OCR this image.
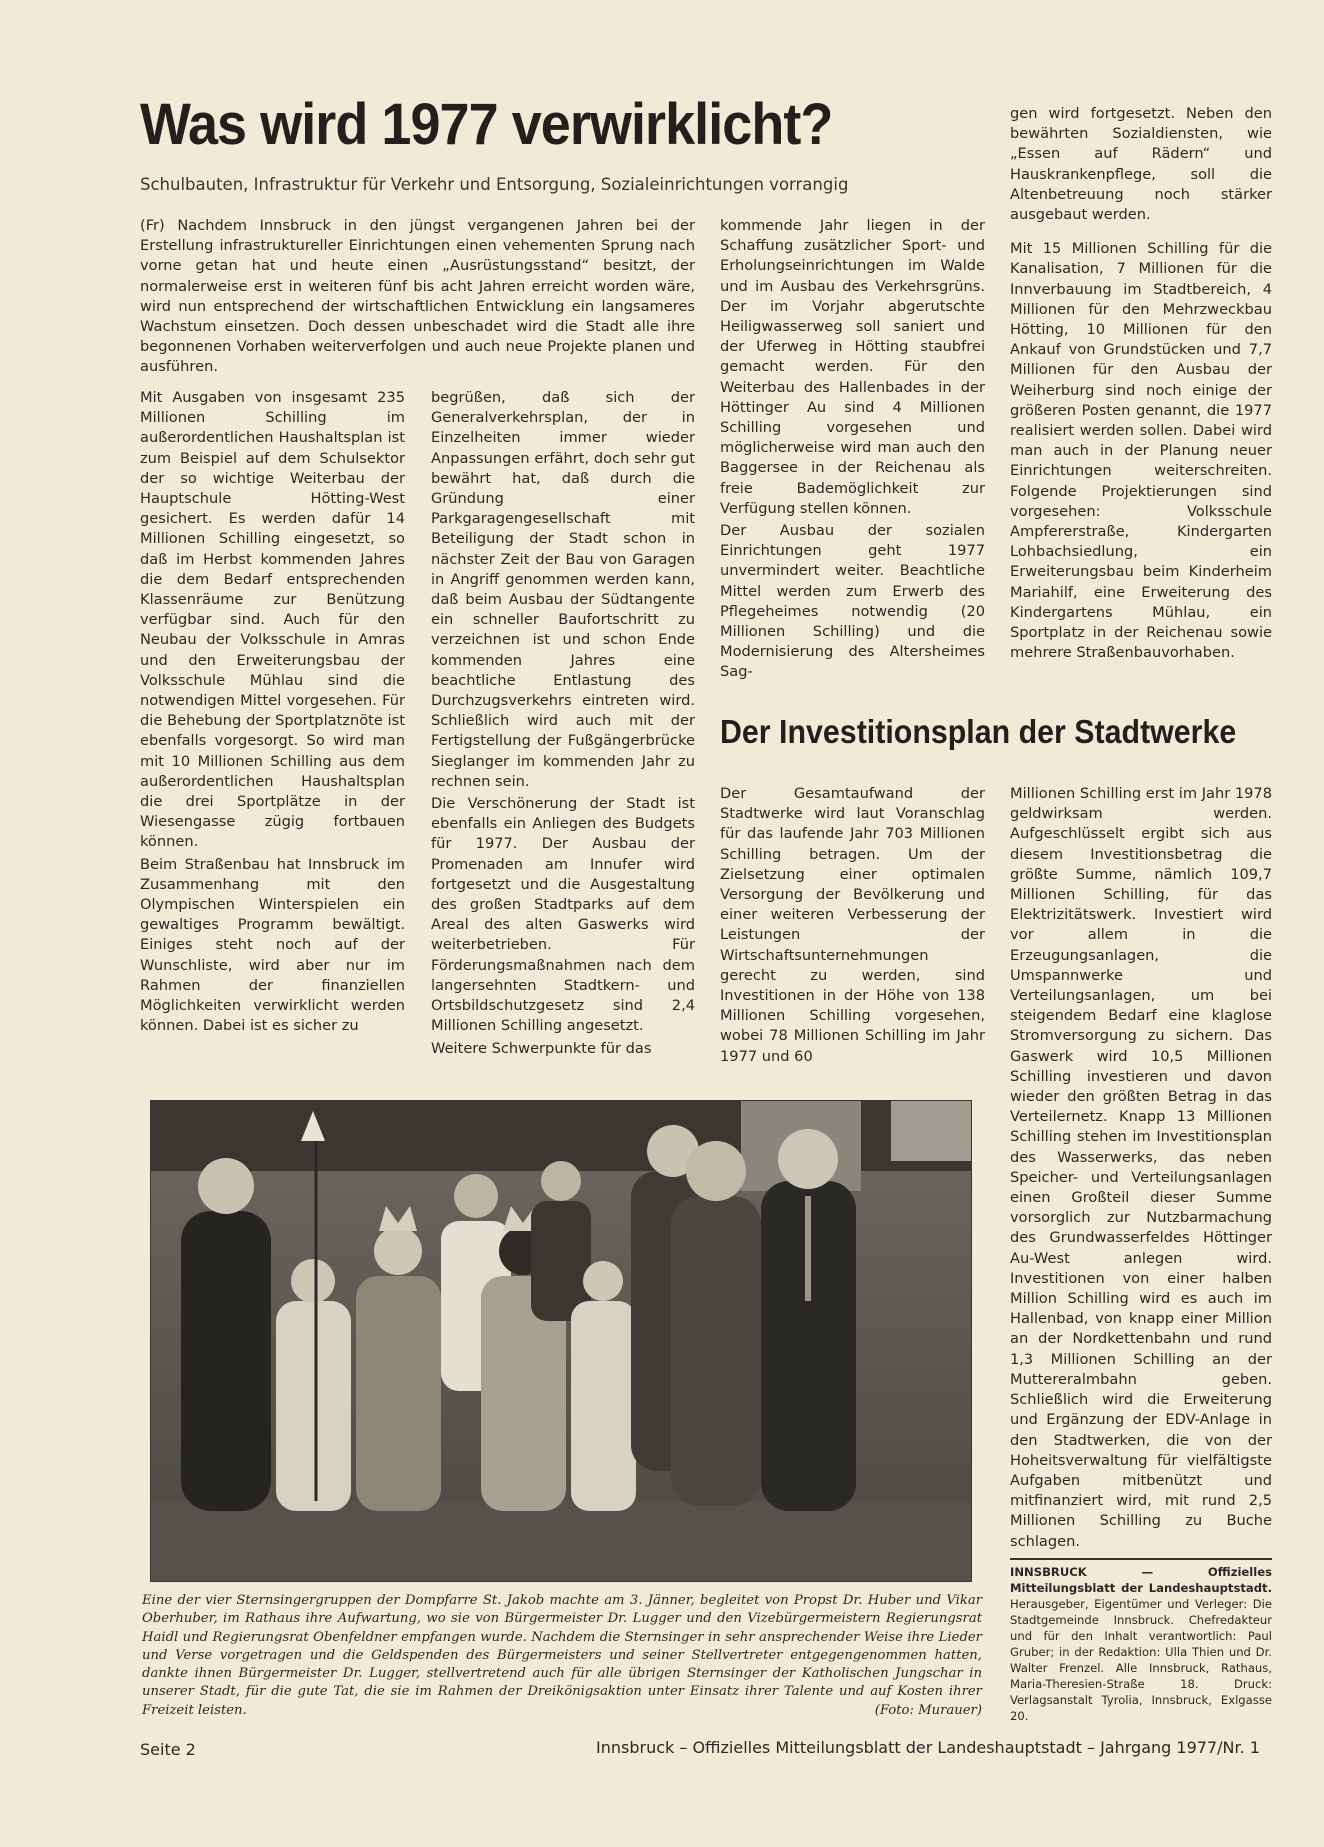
Was wird 1977 verwirklicht?
Schulbauten, Infrastruktur für Verkehr und Entsorgung, Sozialeinrichtungen vorrangig

(Fr) Nachdem Innsbruck in den jüngst vergangenen Jahren bei der Erstellung infrastruktureller Einrichtungen einen vehementen Sprung nach vorne getan hat und heute einen „Ausrüstungsstand“ besitzt, der normalerweise erst in weiteren fünf bis acht Jahren erreicht worden wäre, wird nun entsprechend der wirtschaftlichen Entwicklung ein langsameres Wachstum einsetzen. Doch dessen unbeschadet wird die Stadt alle ihre begonnenen Vorhaben weiterverfolgen und auch neue Projekte planen und ausführen.

Mit Ausgaben von insgesamt 235 Millionen Schilling im außerordentlichen Haushaltsplan ist zum Beispiel auf dem Schulsektor der so wichtige Weiterbau der Hauptschule Hötting-West gesichert. Es werden dafür 14 Millionen Schilling eingesetzt, so daß im Herbst kommenden Jahres die dem Bedarf entsprechenden Klassenräume zur Benützung verfügbar sind. Auch für den Neubau der Volksschule in Amras und den Erweiterungsbau der Volksschule Mühlau sind die notwendigen Mittel vorgesehen. Für die Behebung der Sportplatznöte ist ebenfalls vorgesorgt. So wird man mit 10 Millionen Schilling aus dem außerordentlichen Haushaltsplan die drei Sportplätze in der Wiesengasse zügig fortbauen können.

Beim Straßenbau hat Innsbruck im Zusammenhang mit den Olympischen Winterspielen ein gewaltiges Programm bewältigt. Einiges steht noch auf der Wunschliste, wird aber nur im Rahmen der finanziellen Möglichkeiten verwirklicht werden können. Dabei ist es sicher zu

begrüßen, daß sich der Generalverkehrsplan, der in Einzelheiten immer wieder Anpassungen erfährt, doch sehr gut bewährt hat, daß durch die Gründung einer Parkgaragengesellschaft mit Beteiligung der Stadt schon in nächster Zeit der Bau von Garagen in Angriff genommen werden kann, daß beim Ausbau der Südtangente ein schneller Baufortschritt zu verzeichnen ist und schon Ende kommenden Jahres eine beachtliche Entlastung des Durchzugsverkehrs eintreten wird. Schließlich wird auch mit der Fertigstellung der Fußgängerbrücke Sieglanger im kommenden Jahr zu rechnen sein.

Die Verschönerung der Stadt ist ebenfalls ein Anliegen des Budgets für 1977. Der Ausbau der Promenaden am Innufer wird fortgesetzt und die Ausgestaltung des großen Stadtparks auf dem Areal des alten Gaswerks wird weiterbetrieben. Für Förderungsmaßnahmen nach dem langersehnten Stadtkern- und Ortsbildschutzgesetz sind 2,4 Millionen Schilling angesetzt.

Weitere Schwerpunkte für das

kommende Jahr liegen in der Schaffung zusätzlicher Sport- und Erholungseinrichtungen im Walde und im Ausbau des Verkehrsgrüns. Der im Vorjahr abgerutschte Heiligwasserweg soll saniert und der Uferweg in Hötting staubfrei gemacht werden. Für den Weiterbau des Hallenbades in der Höttinger Au sind 4 Millionen Schilling vorgesehen und möglicherweise wird man auch den Baggersee in der Reichenau als freie Bademöglichkeit zur Verfügung stellen können.

Der Ausbau der sozialen Einrichtungen geht 1977 unvermindert weiter. Beachtliche Mittel werden zum Erwerb des Pflegeheimes notwendig (20 Millionen Schilling) und die Modernisierung des Altersheimes Sag-

gen wird fortgesetzt. Neben den bewährten Sozialdiensten, wie „Essen auf Rädern“ und Hauskrankenpflege, soll die Altenbetreuung noch stärker ausgebaut werden.

Mit 15 Millionen Schilling für die Kanalisation, 7 Millionen für die Innverbauung im Stadtbereich, 4 Millionen für den Mehrzweckbau Hötting, 10 Millionen für den Ankauf von Grundstücken und 7,7 Millionen für den Ausbau der Weiherburg sind noch einige der größeren Posten genannt, die 1977 realisiert werden sollen. Dabei wird man auch in der Planung neuer Einrichtungen weiterschreiten. Folgende Projektierungen sind vorgesehen: Volksschule Ampfererstraße, Kindergarten Lohbachsiedlung, ein Erweiterungsbau beim Kinderheim Mariahilf, eine Erweiterung des Kindergartens Mühlau, ein Sportplatz in der Reichenau sowie mehrere Straßenbauvorhaben.

Der Investitionsplan der Stadtwerke

Der Gesamtaufwand der Stadtwerke wird laut Voranschlag für das laufende Jahr 703 Millionen Schilling betragen. Um der Zielsetzung einer optimalen Versorgung der Bevölkerung und einer weiteren Verbesserung der Leistungen der Wirtschaftsunternehmungen gerecht zu werden, sind Investitionen in der Höhe von 138 Millionen Schilling vorgesehen, wobei 78 Millionen Schilling im Jahr 1977 und 60

Millionen Schilling erst im Jahr 1978 geldwirksam werden. Aufgeschlüsselt ergibt sich aus diesem Investitionsbetrag die größte Summe, nämlich 109,7 Millionen Schilling, für das Elektrizitätswerk. Investiert wird vor allem in die Erzeugungsanlagen, die Umspannwerke und Verteilungsanlagen, um bei steigendem Bedarf eine klaglose Stromversorgung zu sichern. Das Gaswerk wird 10,5 Millionen Schilling investieren und davon wieder den größten Betrag in das Verteilernetz. Knapp 13 Millionen Schilling stehen im Investitionsplan des Wasserwerks, das neben Speicher- und Verteilungsanlagen einen Großteil dieser Summe vorsorglich zur Nutzbarmachung des Grundwasserfeldes Höttinger Au-West anlegen wird. Investitionen von einer halben Million Schilling wird es auch im Hallenbad, von knapp einer Million an der Nordkettenbahn und rund 1,3 Millionen Schilling an der Muttereralmbahn geben. Schließlich wird die Erweiterung und Ergänzung der EDV-Anlage in den Stadtwerken, die von der Hoheitsverwaltung für vielfältigste Aufgaben mitbenützt und mitfinanziert wird, mit rund 2,5 Millionen Schilling zu Buche schlagen.

Eine der vier Sternsingergruppen der Dompfarre St. Jakob machte am 3. Jänner, begleitet von Propst Dr. Huber und Vikar Oberhuber, im Rathaus ihre Aufwartung, wo sie von Bürgermeister Dr. Lugger und den Vizebürgermeistern Regierungsrat Haidl und Regierungsrat Obenfeldner empfangen wurde. Nachdem die Sternsinger in sehr ansprechender Weise ihre Lieder und Verse vorgetragen und die Geldspenden des Bürgermeisters und seiner Stellvertreter entgegengenommen hatten, dankte ihnen Bürgermeister Dr. Lugger, stellvertretend auch für alle übrigen Sternsinger der Katholischen Jungschar in unserer Stadt, für die gute Tat, die sie im Rahmen der Dreikönigsaktion unter Einsatz ihrer Talente und auf Kosten ihrer Freizeit leisten.	(Foto: Murauer)
INNSBRUCK — Offizielles Mitteilungsblatt der Landeshauptstadt. Herausgeber, Eigentümer und Verleger: Die Stadtgemeinde Innsbruck. Chefredakteur und für den Inhalt verantwortlich: Paul Gruber; in der Redaktion: Ulla Thien und Dr. Walter Frenzel. Alle Innsbruck, Rathaus, Maria-Theresien-Straße 18. Druck: Verlagsanstalt Tyrolia, Innsbruck, Exlgasse 20.
Seite 2	Innsbruck – Offizielles Mitteilungsblatt der Landeshauptstadt – Jahrgang 1977/Nr. 1
